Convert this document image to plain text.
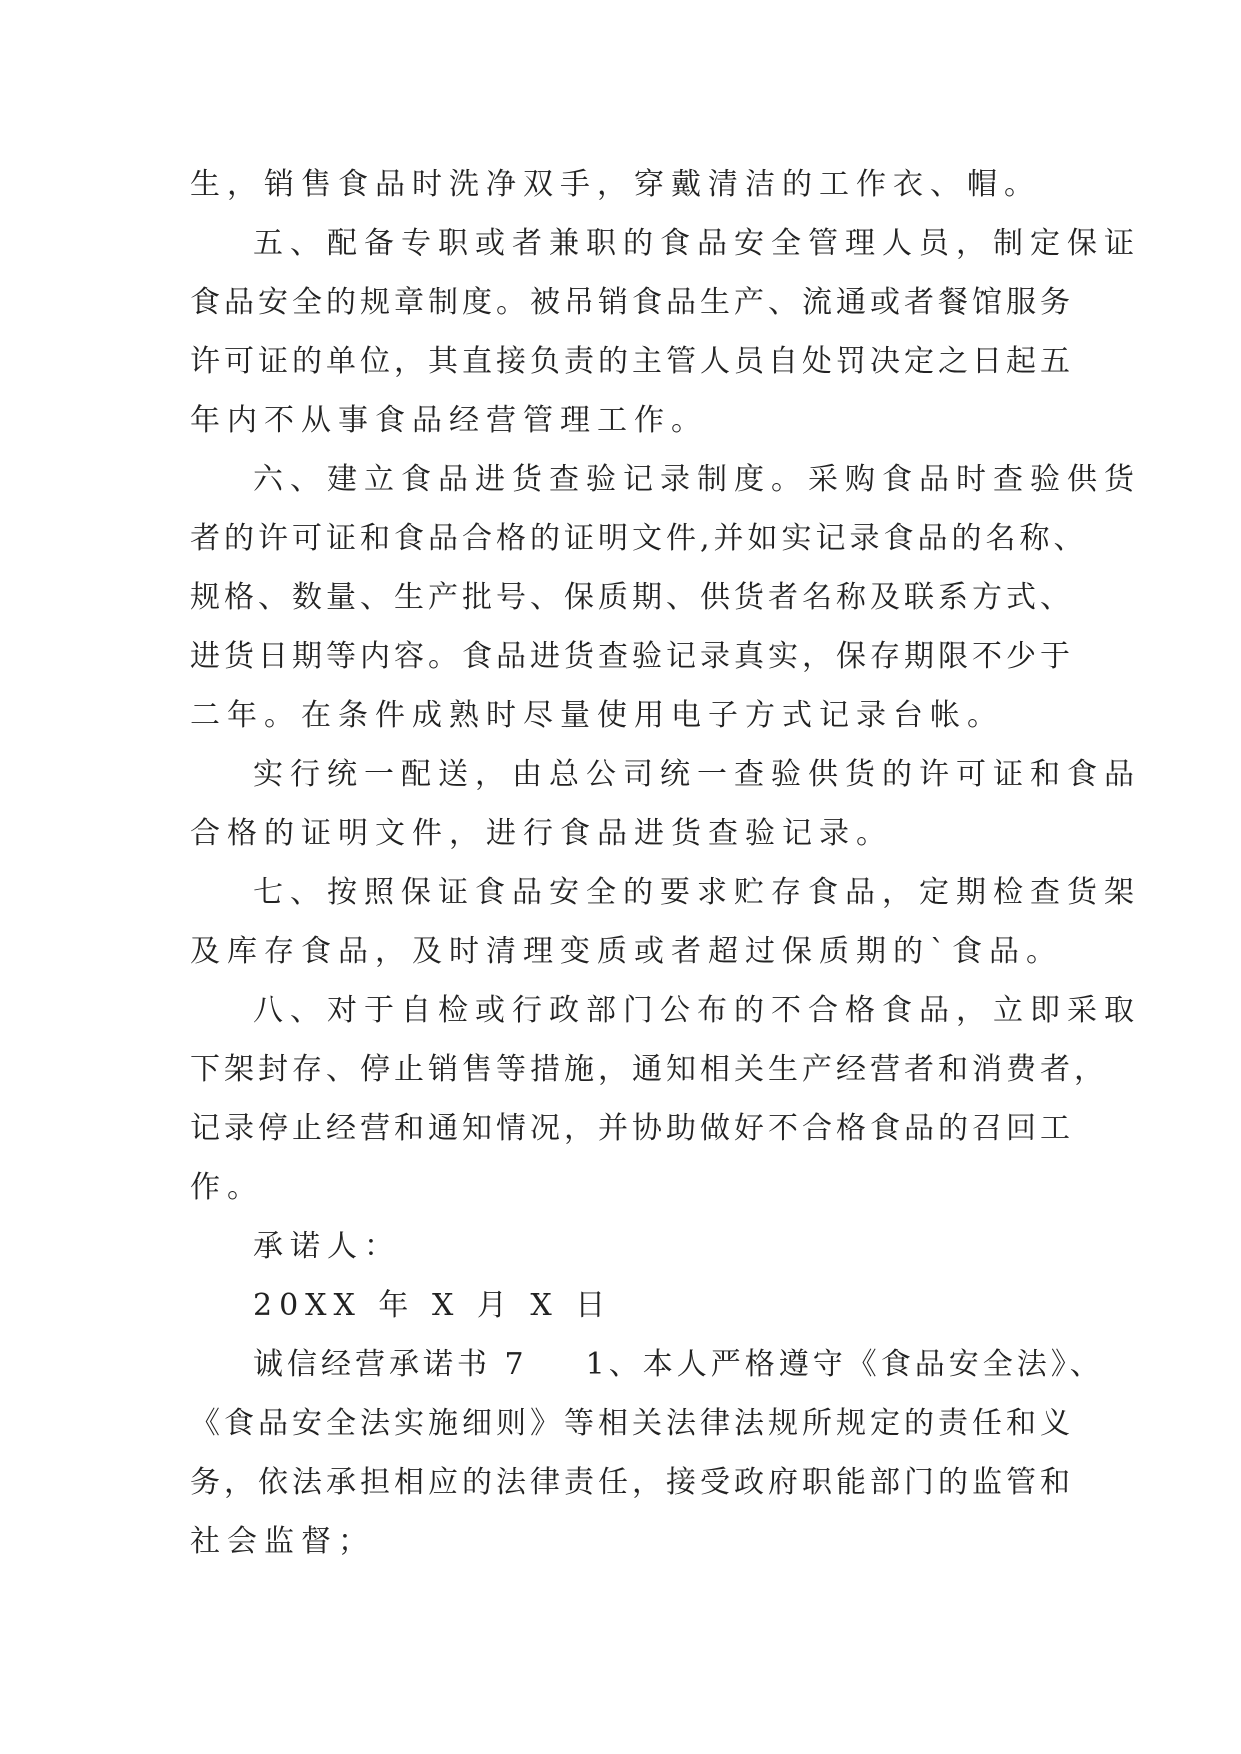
生，销售食品时洗净双手，穿戴清洁的工作衣、帽。
五、配备专职或者兼职的食品安全管理人员，制定保证
食品安全的规章制度。被吊销食品生产、流通或者餐馆服务
许可证的单位，其直接负责的主管人员自处罚决定之日起五
年内不从事食品经营管理工作。
六、建立食品进货查验记录制度。采购食品时查验供货
者的许可证和食品合格的证明文件,并如实记录食品的名称、
规格、数量、生产批号、保质期、供货者名称及联系方式、
进货日期等内容。食品进货查验记录真实，保存期限不少于
二年。在条件成熟时尽量使用电子方式记录台帐。
实行统一配送，由总公司统一查验供货的许可证和食品
合格的证明文件，进行食品进货查验记录。
七、按照保证食品安全的要求贮存食品，定期检查货架
及库存食品，及时清理变质或者超过保质期的`食品。
八、对于自检或行政部门公布的不合格食品，立即采取
下架封存、停止销售等措施，通知相关生产经营者和消费者，
记录停止经营和通知情况，并协助做好不合格食品的召回工
作。
承诺人：
20XX 年 X 月 X 日
诚信经营承诺书 7 1、本人严格遵守《食品安全法》、
《食品安全法实施细则》等相关法律法规所规定的责任和义
务，依法承担相应的法律责任，接受政府职能部门的监管和
社会监督；
